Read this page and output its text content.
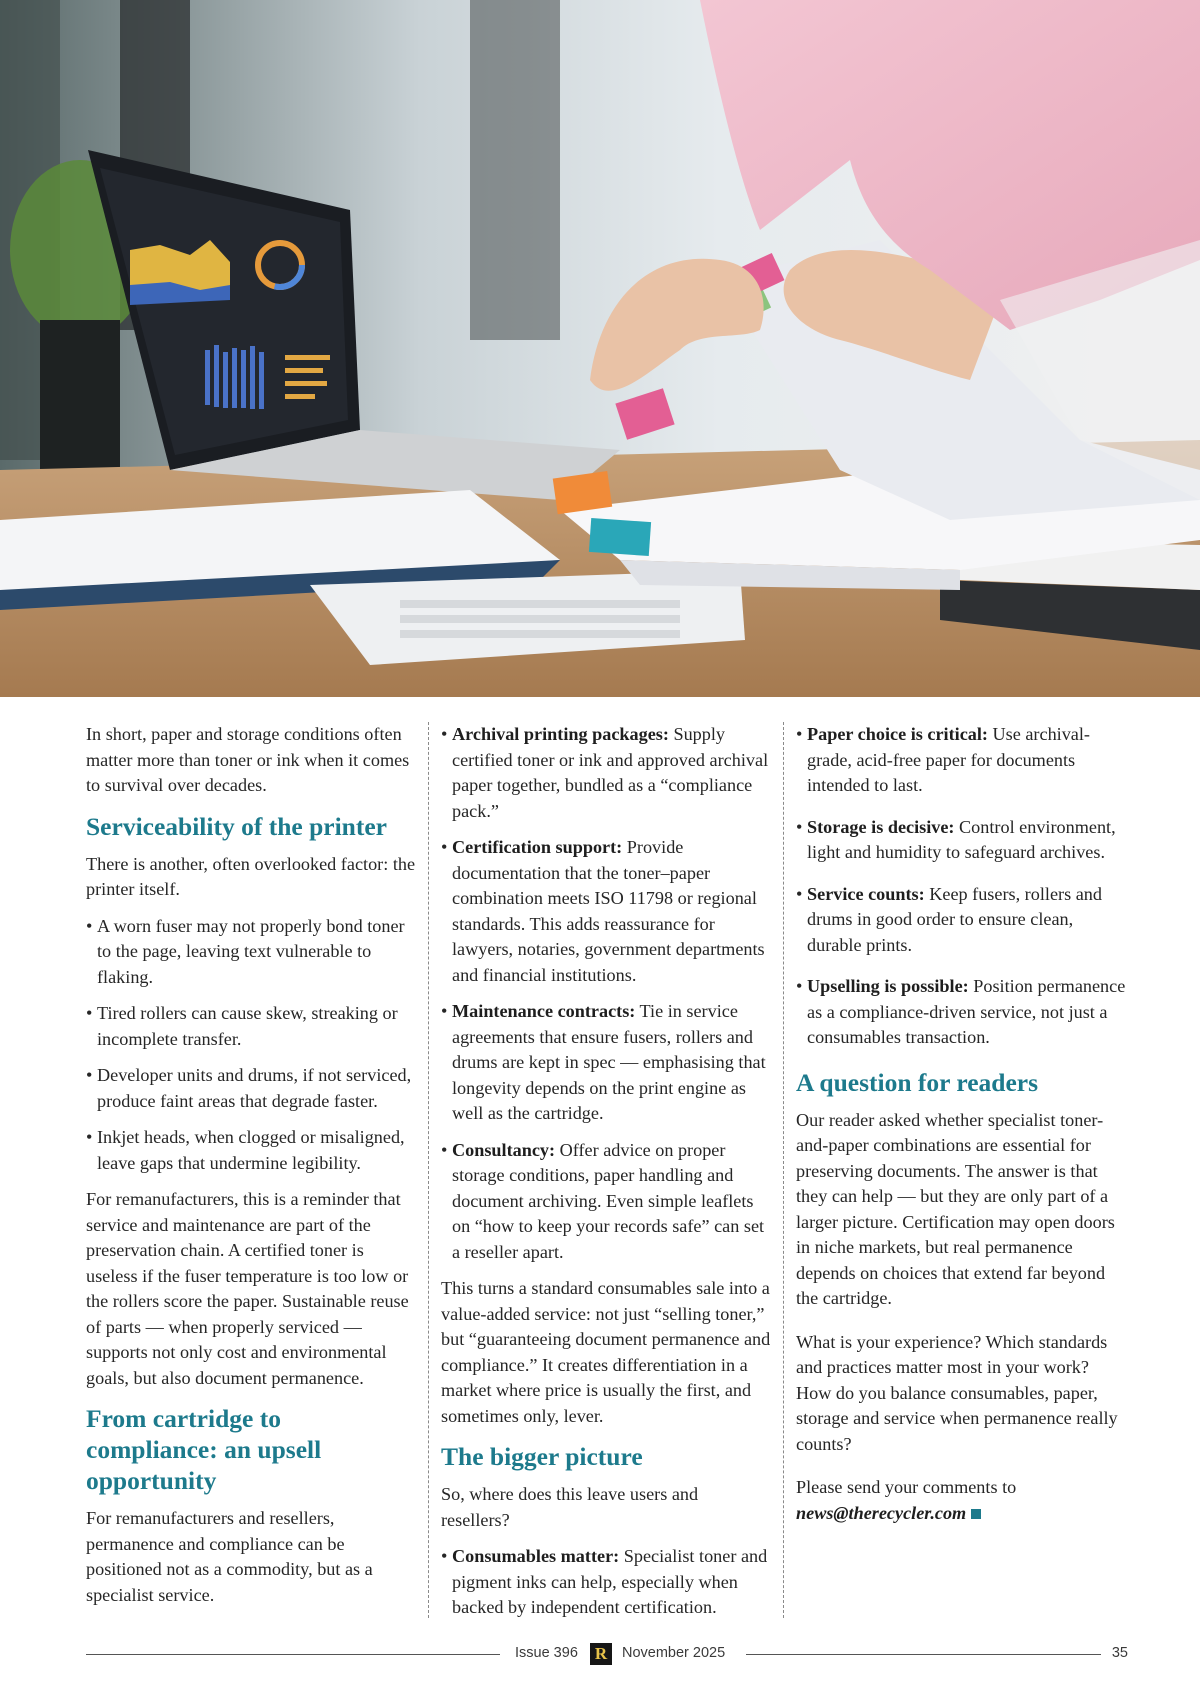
In short, paper and storage conditions often matter more than toner or ink when it comes to survival over decades.

Serviceability of the printer

There is another, often overlooked factor: the printer itself.

• A worn fuser may not properly bond toner to the page, leaving text vulnerable to flaking.

• Tired rollers can cause skew, streaking or incomplete transfer.

• Developer units and drums, if not serviced, produce faint areas that degrade faster.

• Inkjet heads, when clogged or misaligned, leave gaps that undermine legibility.

For remanufacturers, this is a reminder that service and maintenance are part of the preservation chain. A certified toner is useless if the fuser temperature is too low or the rollers score the paper. Sustainable reuse of parts — when properly serviced — supports not only cost and environmental goals, but also document permanence.

From cartridge to compliance: an upsell opportunity

For remanufacturers and resellers, permanence and compliance can be positioned not as a commodity, but as a specialist service.

• Archival printing packages: Supply certified toner or ink and approved archival paper together, bundled as a “compliance pack.”

• Certification support: Provide documentation that the toner–paper combination meets ISO 11798 or regional standards. This adds reassurance for lawyers, notaries, government departments and financial institutions.

• Maintenance contracts: Tie in service agreements that ensure fusers, rollers and drums are kept in spec — emphasising that longevity depends on the print engine as well as the cartridge.

• Consultancy: Offer advice on proper storage conditions, paper handling and document archiving. Even simple leaflets on “how to keep your records safe” can set a reseller apart.

This turns a standard consumables sale into a value-added service: not just “selling toner,” but “guaranteeing document permanence and compliance.” It creates differentiation in a market where price is usually the first, and sometimes only, lever.

The bigger picture

So, where does this leave users and resellers?

• Consumables matter: Specialist toner and pigment inks can help, especially when backed by independent certification.

• Paper choice is critical: Use archival-grade, acid-free paper for documents intended to last.

• Storage is decisive: Control environment, light and humidity to safeguard archives.

• Service counts: Keep fusers, rollers and drums in good order to ensure clean, durable prints.

• Upselling is possible: Position permanence as a compliance-driven service, not just a consumables transaction.

A question for readers

Our reader asked whether specialist toner-and-paper combinations are essential for preserving documents. The answer is that they can help — but they are only part of a larger picture. Certification may open doors in niche markets, but real permanence depends on choices that extend far beyond the cartridge.

What is your experience? Which standards and practices matter most in your work? How do you balance consumables, paper, storage and service when permanence really counts?

Please send your comments to
news@therecycler.com

Issue 396 R	November 2025	35
